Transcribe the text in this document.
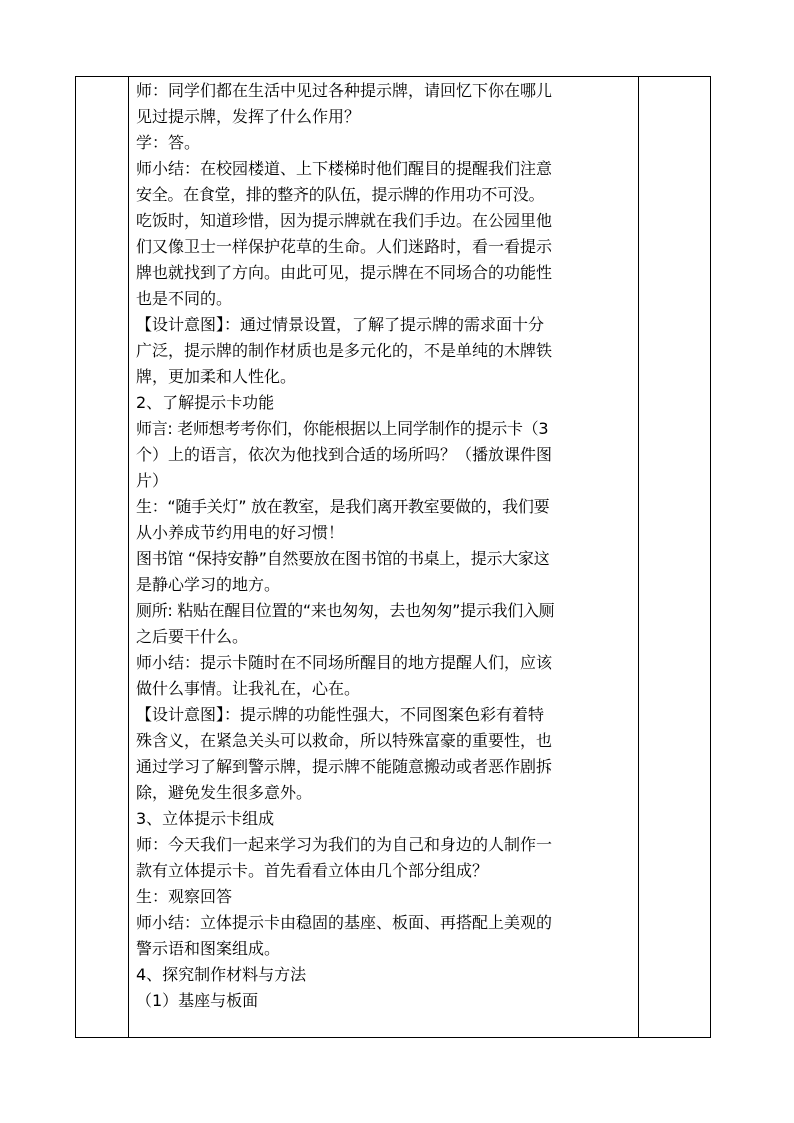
师：同学们都在生活中见过各种提示牌，请回忆下你在哪儿
见过提示牌，发挥了什么作用？
学：答。
师小结：在校园楼道、上下楼梯时他们醒目的提醒我们注意
安全。在食堂，排的整齐的队伍，提示牌的作用功不可没。
吃饭时，知道珍惜，因为提示牌就在我们手边。在公园里他
们又像卫士一样保护花草的生命。人们迷路时，看一看提示
牌也就找到了方向。由此可见，提示牌在不同场合的功能性
也是不同的。
【设计意图】：通过情景设置，了解了提示牌的需求面十分
广泛，提示牌的制作材质也是多元化的，不是单纯的木牌铁
牌，更加柔和人性化。
2、了解提示卡功能
师言: 老师想考考你们，你能根据以上同学制作的提示卡（3
个）上的语言，依次为他找到合适的场所吗？（播放课件图
片）
生：“随手关灯” 放在教室，是我们离开教室要做的，我们要
从小养成节约用电的好习惯！
图书馆 “保持安静”自然要放在图书馆的书桌上，提示大家这
是静心学习的地方。
厕所: 粘贴在醒目位置的“来也匆匆，去也匆匆”提示我们入厕
之后要干什么。
师小结：提示卡随时在不同场所醒目的地方提醒人们，应该
做什么事情。让我礼在，心在。
【设计意图】：提示牌的功能性强大，不同图案色彩有着特
殊含义，在紧急关头可以救命，所以特殊富豪的重要性，也
通过学习了解到警示牌，提示牌不能随意搬动或者恶作剧拆
除，避免发生很多意外。
3、立体提示卡组成
师：今天我们一起来学习为我们的为自己和身边的人制作一
款有立体提示卡。首先看看立体由几个部分组成？
生：观察回答
师小结：立体提示卡由稳固的基座、板面、再搭配上美观的
警示语和图案组成。
4、探究制作材料与方法
（1）基座与板面
